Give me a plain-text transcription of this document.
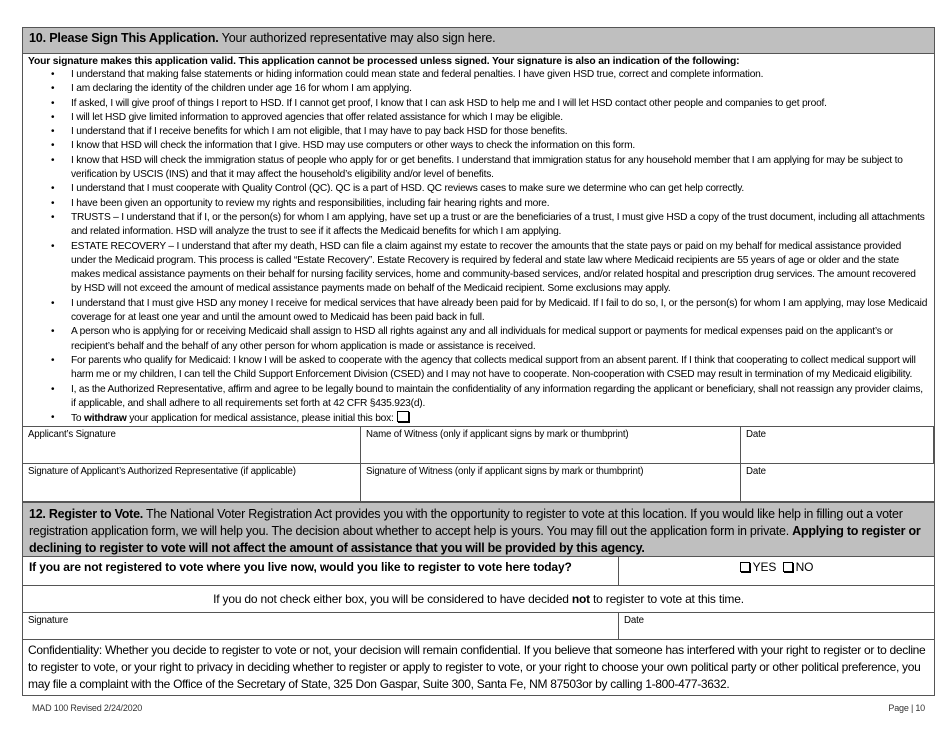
10. Please Sign This Application. Your authorized representative may also sign here.
Your signature makes this application valid. This application cannot be processed unless signed. Your signature is also an indication of the following:
• I understand that making false statements or hiding information could mean state and federal penalties. I have given HSD true, correct and complete information.
• I am declaring the identity of the children under age 16 for whom I am applying.
• If asked, I will give proof of things I report to HSD. If I cannot get proof, I know that I can ask HSD to help me and I will let HSD contact other people and companies to get proof.
• I will let HSD give limited information to approved agencies that offer related assistance for which I may be eligible.
• I understand that if I receive benefits for which I am not eligible, that I may have to pay back HSD for those benefits.
• I know that HSD will check the information that I give. HSD may use computers or other ways to check the information on this form.
• I know that HSD will check the immigration status of people who apply for or get benefits. I understand that immigration status for any household member that I am applying for may be subject to verification by USCIS (INS) and that it may affect the household’s eligibility and/or level of benefits.
• I understand that I must cooperate with Quality Control (QC). QC is a part of HSD. QC reviews cases to make sure we determine who can get help correctly.
• I have been given an opportunity to review my rights and responsibilities, including fair hearing rights and more.
• TRUSTS – I understand that if I, or the person(s) for whom I am applying, have set up a trust or are the beneficiaries of a trust, I must give HSD a copy of the trust document, including all attachments and related information. HSD will analyze the trust to see if it affects the Medicaid benefits for which I am applying.
• ESTATE RECOVERY – I understand that after my death, HSD can file a claim against my estate to recover the amounts that the state pays or paid on my behalf for medical assistance provided under the Medicaid program. This process is called “Estate Recovery”. Estate Recovery is required by federal and state law where Medicaid recipients are 55 years of age or older and the state makes medical assistance payments on their behalf for nursing facility services, home and community-based services, and/or related hospital and prescription drug services. The amount recovered by HSD will not exceed the amount of medical assistance payments made on behalf of the Medicaid recipient. Some exclusions may apply.
• I understand that I must give HSD any money I receive for medical services that have already been paid for by Medicaid. If I fail to do so, I, or the person(s) for whom I am applying, may lose Medicaid coverage for at least one year and until the amount owed to Medicaid has been paid back in full.
• A person who is applying for or receiving Medicaid shall assign to HSD all rights against any and all individuals for medical support or payments for medical expenses paid on the applicant’s or recipient’s behalf and the behalf of any other person for whom application is made or assistance is received.
• For parents who qualify for Medicaid: I know I will be asked to cooperate with the agency that collects medical support from an absent parent. If I think that cooperating to collect medical support will harm me or my children, I can tell the Child Support Enforcement Division (CSED) and I may not have to cooperate. Non-cooperation with CSED may result in termination of my Medicaid eligibility.
• I, as the Authorized Representative, affirm and agree to be legally bound to maintain the confidentiality of any information regarding the applicant or beneficiary, shall not reassign any provider claims, if applicable, and shall adhere to all requirements set forth at 42 CFR §435.923(d).
• To withdraw your application for medical assistance, please initial this box:
Applicant’s Signature	Name of Witness (only if applicant signs by mark or thumbprint)	Date
Signature of Applicant’s Authorized Representative (if applicable)	Signature of Witness (only if applicant signs by mark or thumbprint)	Date
12. Register to Vote. The National Voter Registration Act provides you with the opportunity to register to vote at this location. If you would like help in filling out a voter registration application form, we will help you. The decision about whether to accept help is yours. You may fill out the application form in private. Applying to register or declining to register to vote will not affect the amount of assistance that you will be provided by this agency.
If you are not registered to vote where you live now, would you like to register to vote here today?	YES NO
If you do not check either box, you will be considered to have decided not to register to vote at this time.
Signature	Date
Confidentiality: Whether you decide to register to vote or not, your decision will remain confidential. If you believe that someone has interfered with your right to register or to decline to register to vote, or your right to privacy in deciding whether to register or apply to register to vote, or your right to choose your own political party or other political preference, you may file a complaint with the Office of the Secretary of State, 325 Don Gaspar, Suite 300, Santa Fe, NM 87503or by calling 1-800-477-3632.
MAD 100 Revised 2/24/2020	Page | 10
